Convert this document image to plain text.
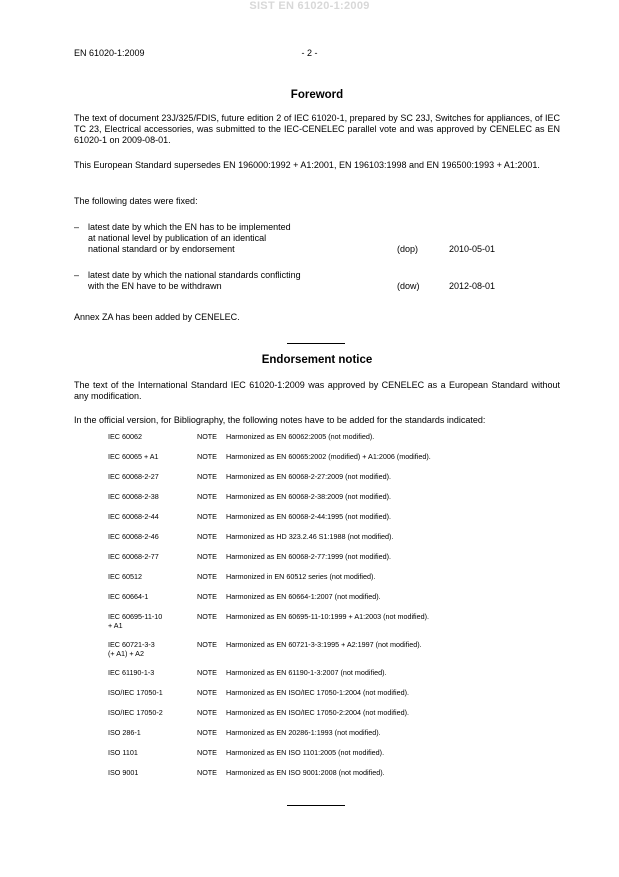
SIST EN 61020-1:2009
EN 61020-1:2009	- 2 -
Foreword

The text of document 23J/325/FDIS, future edition 2 of IEC 61020-1, prepared by SC 23J, Switches for appliances, of IEC TC 23, Electrical accessories, was submitted to the IEC-CENELEC parallel vote and was approved by CENELEC as EN 61020-1 on 2009-08-01.

This European Standard supersedes EN 196000:1992 + A1:2001, EN 196103:1998 and EN 196500:1993 + A1:2001.

The following dates were fixed:

– latest date by which the EN has to be implemented
at national level by publication of an identical
national standard or by endorsement	(dop)	2010-05-01
– latest date by which the national standards conflicting
with the EN have to be withdrawn	(dow)	2012-08-01

Annex ZA has been added by CENELEC.

Endorsement notice

The text of the International Standard IEC 61020-1:2009 was approved by CENELEC as a European Standard without any modification.

In the official version, for Bibliography, the following notes have to be added for the standards indicated:

IEC 60062	NOTE Harmonized as EN 60062:2005 (not modified).
IEC 60065 + A1	NOTE Harmonized as EN 60065:2002 (modified) + A1:2006 (modified).
IEC 60068-2-27	NOTE Harmonized as EN 60068-2-27:2009 (not modified).
IEC 60068-2-38	NOTE Harmonized as EN 60068-2-38:2009 (not modified).
IEC 60068-2-44	NOTE Harmonized as EN 60068-2-44:1995 (not modified).
IEC 60068-2-46	NOTE Harmonized as HD 323.2.46 S1:1988 (not modified).
IEC 60068-2-77	NOTE Harmonized as EN 60068-2-77:1999 (not modified).
IEC 60512	NOTE Harmonized in EN 60512 series (not modified).
IEC 60664-1	NOTE Harmonized as EN 60664-1:2007 (not modified).
IEC 60695-11-10
+ A1
NOTE Harmonized as EN 60695-11-10:1999 + A1:2003 (not modified).
IEC 60721-3-3
(+ A1) + A2
NOTE Harmonized as EN 60721-3-3:1995 + A2:1997 (not modified).
IEC 61190-1-3	NOTE Harmonized as EN 61190-1-3:2007 (not modified).
ISO/IEC 17050-1	NOTE Harmonized as EN ISO/IEC 17050-1:2004 (not modified).
ISO/IEC 17050-2	NOTE Harmonized as EN ISO/IEC 17050-2:2004 (not modified).
ISO 286-1	NOTE Harmonized as EN 20286-1:1993 (not modified).
ISO 1101	NOTE Harmonized as EN ISO 1101:2005 (not modified).
ISO 9001	NOTE Harmonized as EN ISO 9001:2008 (not modified).
